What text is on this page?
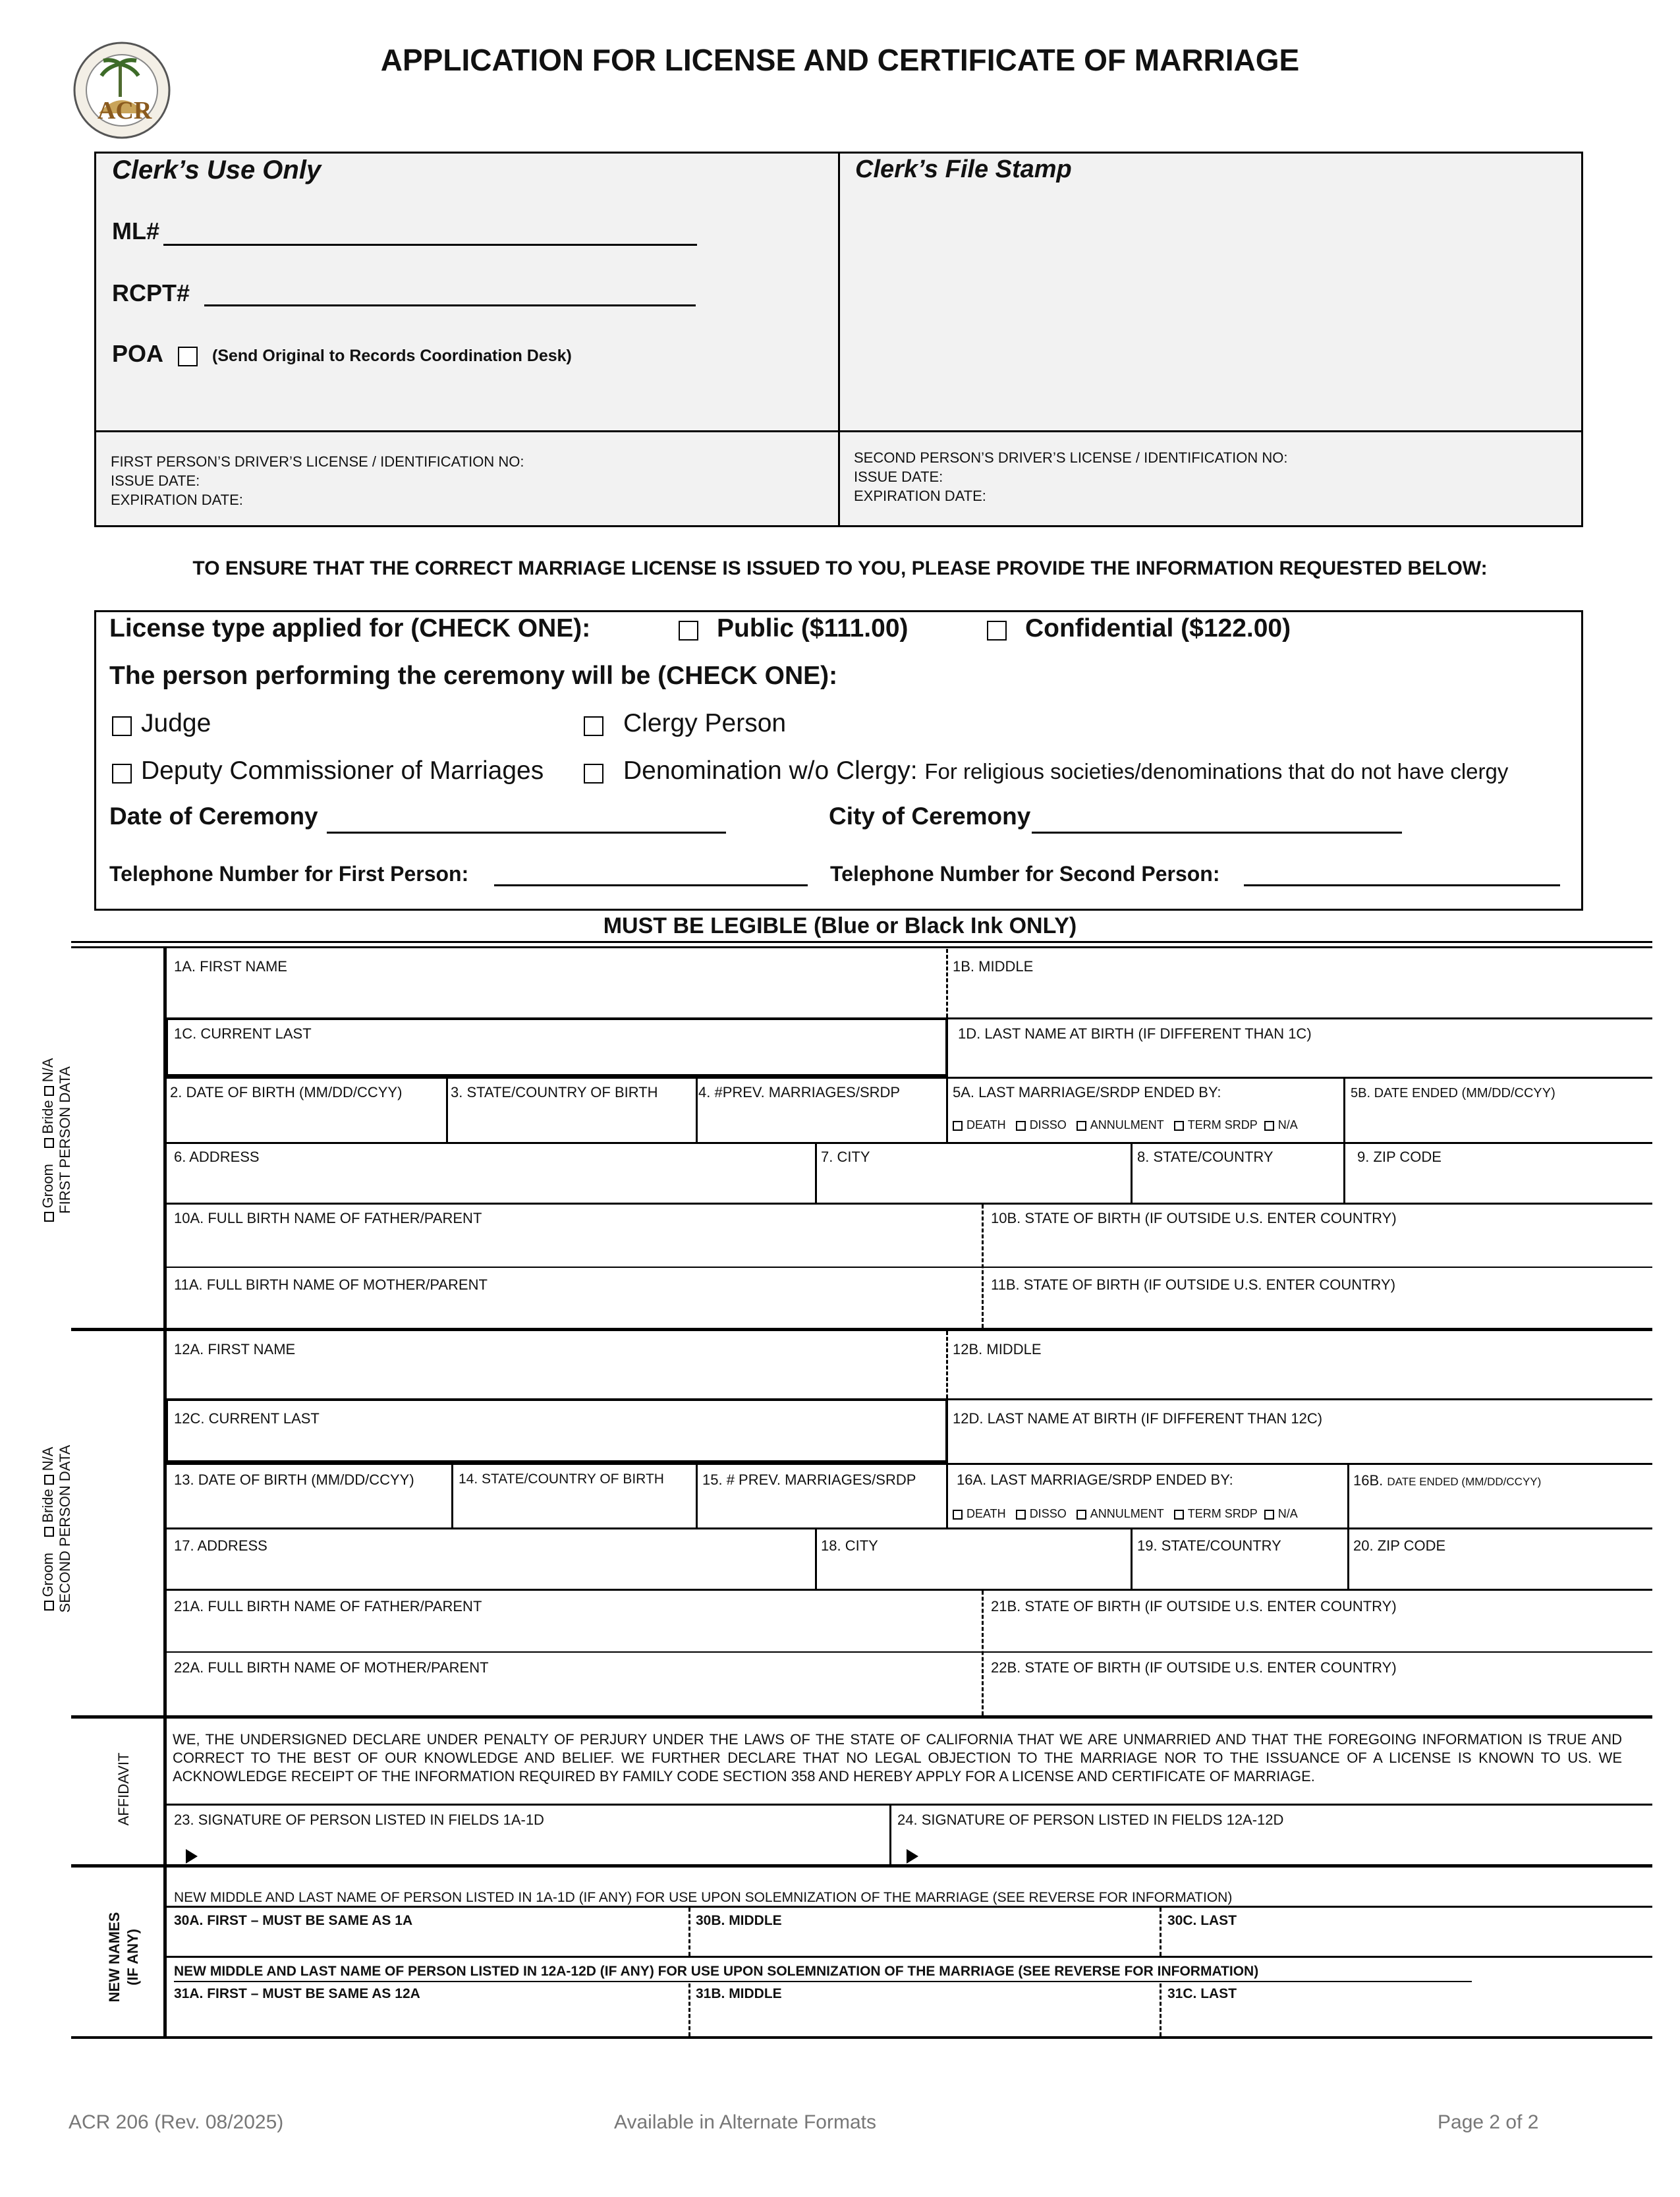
ACR
APPLICATION FOR LICENSE AND CERTIFICATE OF MARRIAGE
Clerk’s Use Only	Clerk’s File Stamp
ML#
RCPT#
POA	(Send Original to Records Coordination Desk)
FIRST PERSON’S DRIVER’S LICENSE / IDENTIFICATION NO:
ISSUE DATE:
EXPIRATION DATE:
SECOND PERSON’S DRIVER’S LICENSE / IDENTIFICATION NO:
ISSUE DATE:
EXPIRATION DATE:
TO ENSURE THAT THE CORRECT MARRIAGE LICENSE IS ISSUED TO YOU, PLEASE PROVIDE THE INFORMATION REQUESTED BELOW:
License type applied for (CHECK ONE):	Public ($111.00)	Confidential ($122.00)
The person performing the ceremony will be (CHECK ONE):
Judge	Clergy Person
Deputy Commissioner of Marriages	Denomination w/o Clergy: For religious societies/denominations that do not have clergy
Date of Ceremony	City of Ceremony
Telephone Number for First Person:	Telephone Number for Second Person:
MUST BE LEGIBLE (Blue or Black Ink ONLY)
Groom    Bride N/A FIRST PERSON DATA
Groom    Bride N/A SECOND PERSON DATA
AFFIDAVIT
NEW NAMES (IF ANY)
1A. FIRST NAME	1B. MIDDLE
1C. CURRENT LAST	1D. LAST NAME AT BIRTH (IF DIFFERENT THAN 1C)
2. DATE OF BIRTH (MM/DD/CCYY)	3. STATE/COUNTRY OF BIRTH	4. #PREV. MARRIAGES/SRDP	5A. LAST MARRIAGE/SRDP ENDED BY:	5B. DATE ENDED (MM/DD/CCYY)
DEATH DISSO ANNULMENT TERM SRDP N/A
6. ADDRESS	7. CITY	8. STATE/COUNTRY	9. ZIP CODE
10A. FULL BIRTH NAME OF FATHER/PARENT	10B. STATE OF BIRTH (IF OUTSIDE U.S. ENTER COUNTRY)
11A. FULL BIRTH NAME OF MOTHER/PARENT	11B. STATE OF BIRTH (IF OUTSIDE U.S. ENTER COUNTRY)
12A. FIRST NAME	12B. MIDDLE
12C. CURRENT LAST	12D. LAST NAME AT BIRTH (IF DIFFERENT THAN 12C)
13. DATE OF BIRTH (MM/DD/CCYY)	14. STATE/COUNTRY OF BIRTH	15. # PREV. MARRIAGES/SRDP	16A. LAST MARRIAGE/SRDP ENDED BY:	16B. DATE ENDED (MM/DD/CCYY)
DEATH DISSO ANNULMENT TERM SRDP N/A
17. ADDRESS	18. CITY	19. STATE/COUNTRY	20. ZIP CODE
21A. FULL BIRTH NAME OF FATHER/PARENT	21B. STATE OF BIRTH (IF OUTSIDE U.S. ENTER COUNTRY)
22A. FULL BIRTH NAME OF MOTHER/PARENT	22B. STATE OF BIRTH (IF OUTSIDE U.S. ENTER COUNTRY)
WE, THE UNDERSIGNED DECLARE UNDER PENALTY OF PERJURY UNDER THE LAWS OF THE STATE OF CALIFORNIA THAT WE ARE UNMARRIED AND THAT THE FOREGOING INFORMATION IS TRUE AND CORRECT TO THE BEST OF OUR KNOWLEDGE AND BELIEF. WE FURTHER DECLARE THAT NO LEGAL OBJECTION TO THE MARRIAGE NOR TO THE ISSUANCE OF A LICENSE IS KNOWN TO US. WE ACKNOWLEDGE RECEIPT OF THE INFORMATION REQUIRED BY FAMILY CODE SECTION 358 AND HEREBY APPLY FOR A LICENSE AND CERTIFICATE OF MARRIAGE.
23. SIGNATURE OF PERSON LISTED IN FIELDS 1A-1D	24. SIGNATURE OF PERSON LISTED IN FIELDS 12A-12D
NEW MIDDLE AND LAST NAME OF PERSON LISTED IN 1A-1D (IF ANY) FOR USE UPON SOLEMNIZATION OF THE MARRIAGE (SEE REVERSE FOR INFORMATION)
30A. FIRST – MUST BE SAME AS 1A	30B. MIDDLE	30C. LAST
NEW MIDDLE AND LAST NAME OF PERSON LISTED IN 12A-12D (IF ANY) FOR USE UPON SOLEMNIZATION OF THE MARRIAGE (SEE REVERSE FOR INFORMATION)
31A. FIRST – MUST BE SAME AS 12A	31B. MIDDLE	31C. LAST
ACR 206 (Rev. 08/2025)	Available in Alternate Formats	Page 2 of 2
